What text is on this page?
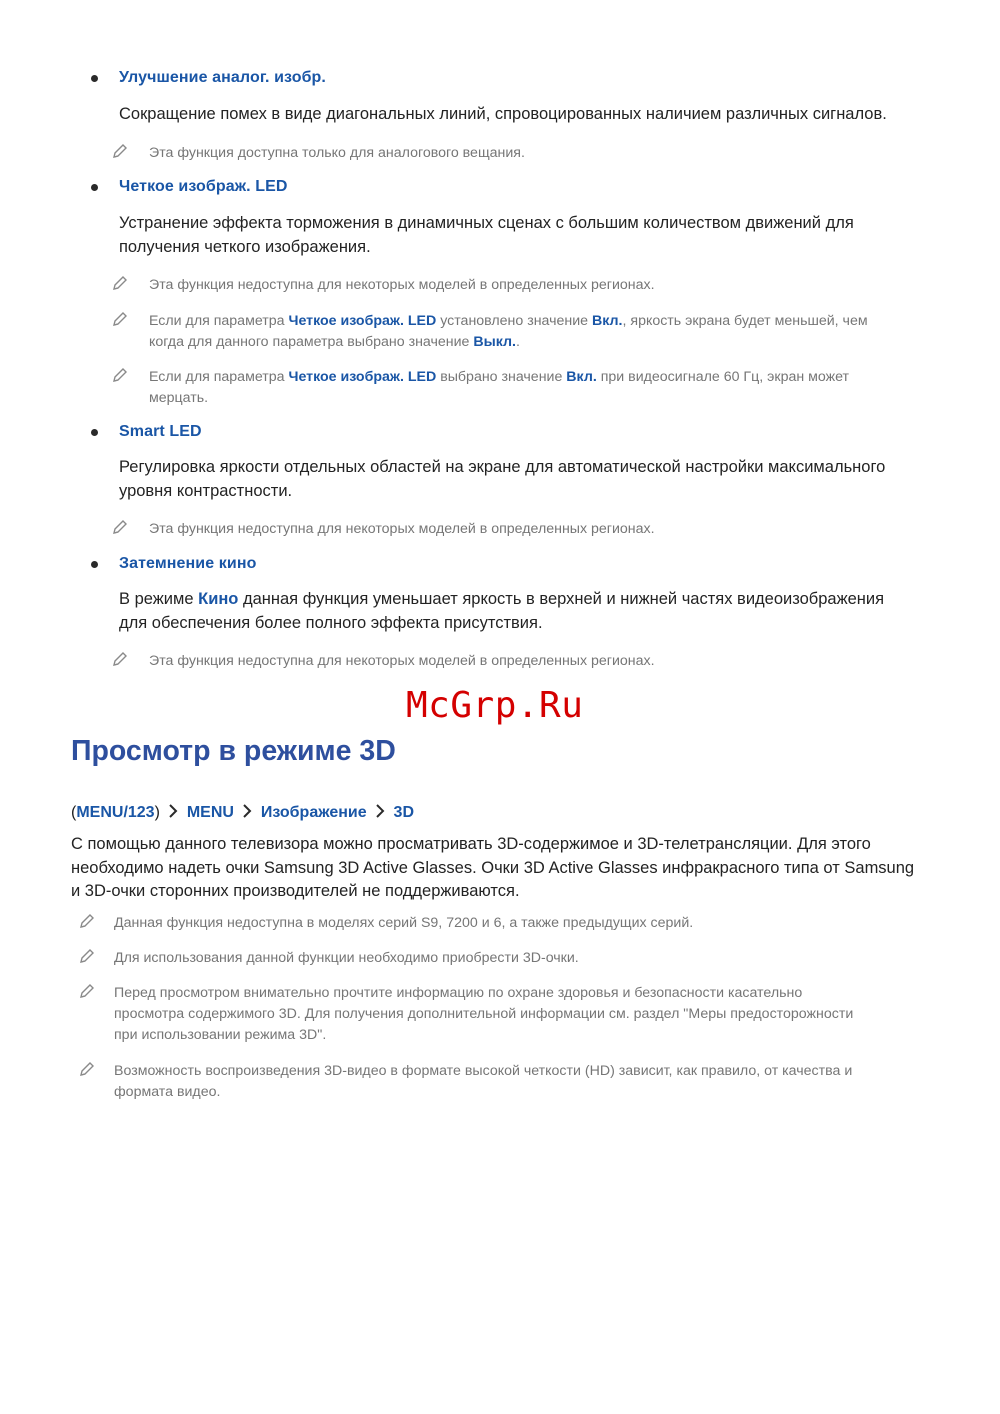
Улучшение аналог. изобр.
Сокращение помех в виде диагональных линий, спровоцированных наличием различных сигналов.
Эта функция доступна только для аналогового вещания.
Четкое изображ. LED
Устранение эффекта торможения в динамичных сценах с большим количеством движений для
получения четкого изображения.
Эта функция недоступна для некоторых моделей в определенных регионах.
Если для параметра Четкое изображ. LED установлено значение Вкл., яркость экрана будет меньшей, чем
когда для данного параметра выбрано значение Выкл..
Если для параметра Четкое изображ. LED выбрано значение Вкл. при видеосигнале 60 Гц, экран может
мерцать.
Smart LED
Регулировка яркости отдельных областей на экране для автоматической настройки максимального
уровня контрастности.
Эта функция недоступна для некоторых моделей в определенных регионах.
Затемнение кино
В режиме Кино данная функция уменьшает яркость в верхней и нижней частях видеоизображения
для обеспечения более полного эффекта присутствия.
Эта функция недоступна для некоторых моделей в определенных регионах.
McGrp.Ru
Просмотр в режиме 3D
(MENU/123) MENU Изображение 3D
С помощью данного телевизора можно просматривать 3D-содержимое и 3D-телетрансляции. Для этого
необходимо надеть очки Samsung 3D Active Glasses. Очки 3D Active Glasses инфракрасного типа от Samsung
и 3D-очки сторонних производителей не поддерживаются.
Данная функция недоступна в моделях серий S9, 7200 и 6, а также предыдущих серий.
Для использования данной функции необходимо приобрести 3D-очки.
Перед просмотром внимательно прочтите информацию по охране здоровья и безопасности касательно
просмотра содержимого 3D. Для получения дополнительной информации см. раздел "Меры предосторожности
при использовании режима 3D".
Возможность воспроизведения 3D-видео в формате высокой четкости (HD) зависит, как правило, от качества и
формата видео.
